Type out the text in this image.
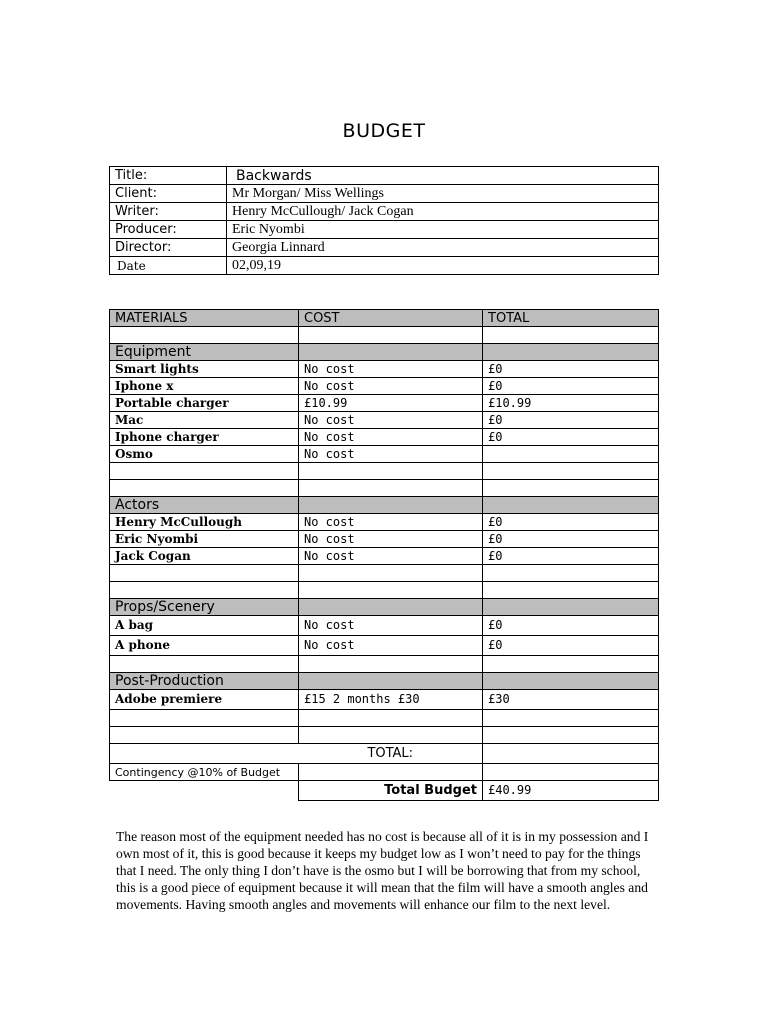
BUDGET
Title:	Backwards
Client:	Mr Morgan/ Miss Wellings
Writer:	Henry McCullough/ Jack Cogan
Producer:	Eric Nyombi
Director:	Georgia Linnard
Date	02,09,19
MATERIALS	COST	TOTAL

Equipment		
Smart lights	No cost	£0
Iphone x	No cost	£0
Portable charger	£10.99	£10.99
Mac	No cost	£0
Iphone charger	No cost	£0
Osmo	No cost	

Actors		
Henry McCullough	No cost	£0
Eric Nyombi	No cost	£0
Jack Cogan	No cost	£0

Props/Scenery		
A bag	No cost	£0
A phone	No cost	£0

Post-Production		
Adobe premiere	£15 2 months £30	£30

	TOTAL:	
Contingency @10% of Budget		
	Total Budget	£40.99

The reason most of the equipment needed has no cost is because all of it is in my possession and I own most of it, this is good because it keeps my budget low as I won’t need to pay for the things that I need. The only thing I don’t have is the osmo but I will be borrowing that from my school, this is a good piece of equipment because it will mean that the film will have a smooth angles and movements. Having smooth angles and movements will enhance our film to the next level.
